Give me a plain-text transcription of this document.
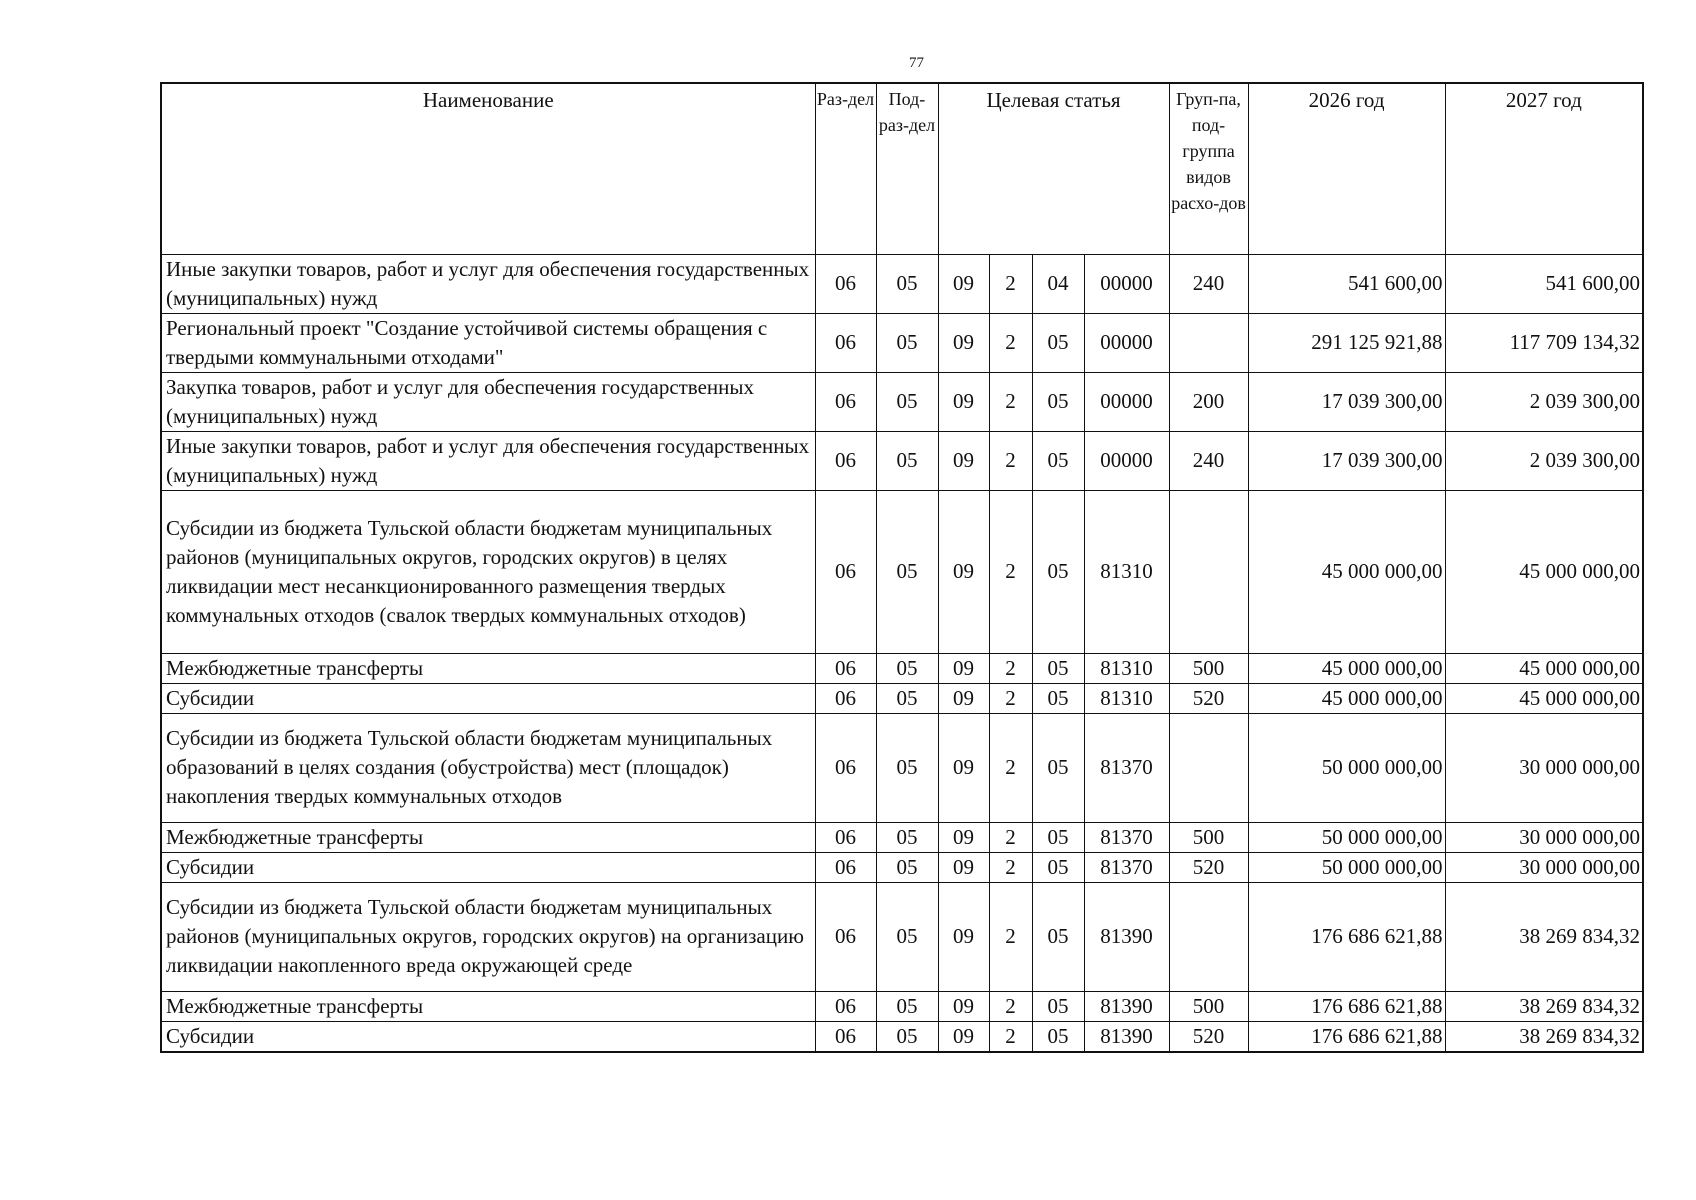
77
Наименование	Раз-дел	Под-раз-дел	Целевая статья				Груп-па, под-группа видов расхо-дов	2026 год	2027 год
Иные закупки товаров, работ и услуг для обеспечения государственных (муниципальных) нужд	06	05	09	2	04	00000	240	541 600,00	541 600,00
Региональный проект "Создание устойчивой системы обращения с твердыми коммунальными отходами"	06	05	09	2	05	00000		291 125 921,88	117 709 134,32
Закупка товаров, работ и услуг для обеспечения государственных (муниципальных) нужд	06	05	09	2	05	00000	200	17 039 300,00	2 039 300,00
Иные закупки товаров, работ и услуг для обеспечения государственных (муниципальных) нужд	06	05	09	2	05	00000	240	17 039 300,00	2 039 300,00
Субсидии из бюджета Тульской области бюджетам муниципальных районов (муниципальных округов, городских округов) в целях ликвидации мест несанкционированного размещения твердых коммунальных отходов (свалок твердых коммунальных отходов)	06	05	09	2	05	81310		45 000 000,00	45 000 000,00
Межбюджетные трансферты	06	05	09	2	05	81310	500	45 000 000,00	45 000 000,00
Субсидии	06	05	09	2	05	81310	520	45 000 000,00	45 000 000,00
Субсидии из бюджета Тульской области бюджетам муниципальных образований в целях создания (обустройства) мест (площадок) накопления твердых коммунальных отходов	06	05	09	2	05	81370		50 000 000,00	30 000 000,00
Межбюджетные трансферты	06	05	09	2	05	81370	500	50 000 000,00	30 000 000,00
Субсидии	06	05	09	2	05	81370	520	50 000 000,00	30 000 000,00
Субсидии из бюджета Тульской области бюджетам муниципальных районов (муниципальных округов, городских округов) на организацию ликвидации накопленного вреда окружающей среде	06	05	09	2	05	81390		176 686 621,88	38 269 834,32
Межбюджетные трансферты	06	05	09	2	05	81390	500	176 686 621,88	38 269 834,32
Субсидии	06	05	09	2	05	81390	520	176 686 621,88	38 269 834,32
